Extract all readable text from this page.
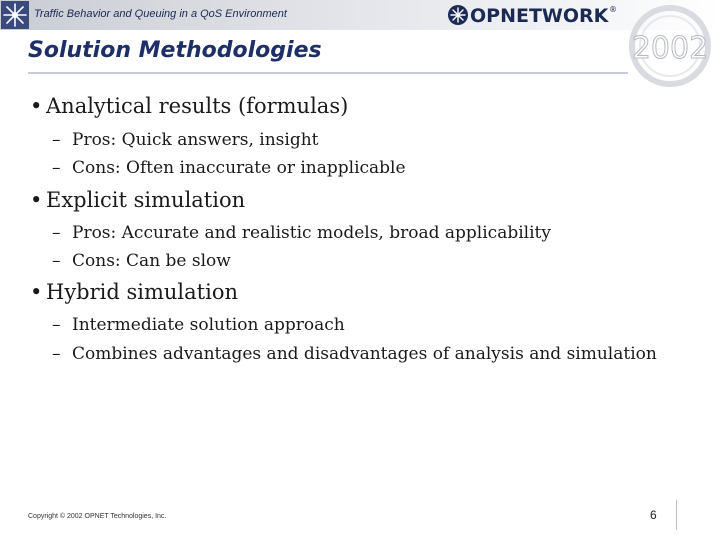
Traffic Behavior and Queuing in a QoS Environment	OPNETWORK ®
2002
Solution Methodologies
• Analytical results (formulas)
– Pros: Quick answers, insight
– Cons: Often inaccurate or inapplicable
• Explicit simulation
– Pros: Accurate and realistic models, broad applicability
– Cons: Can be slow
• Hybrid simulation
– Intermediate solution approach
– Combines advantages and disadvantages of analysis and simulation
Copyright © 2002 OPNET Technologies, Inc.	6
